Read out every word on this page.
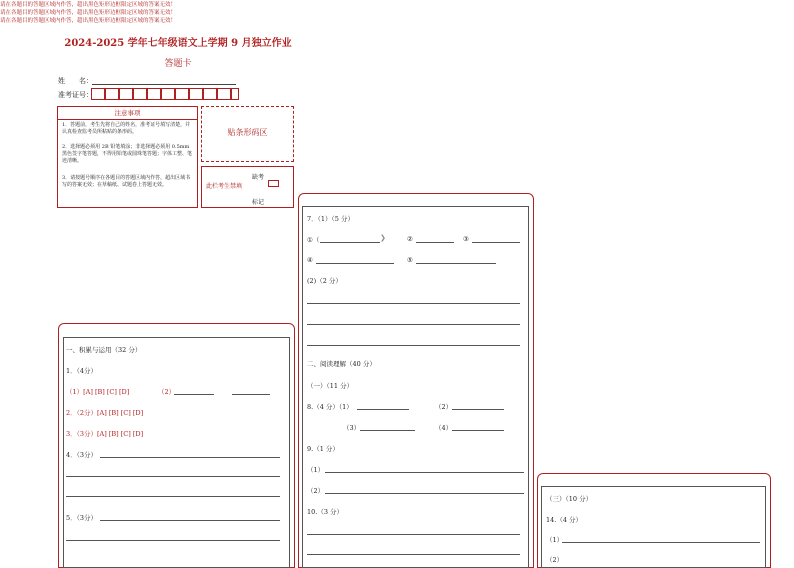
2024-2025 学年七年级语文上学期 9 月独立作业
答题卡
姓　　名：
准考证号：
注意事项
1．答题前，考生先将自己的姓名，准考证号填写清楚，并认真检查监考员所粘贴的条形码。
2．选择题必须用 2B 铅笔填涂；非选择题必须用 0.5mm 黑色签字笔答题，不得用铅笔或圆珠笔答题；字体工整、笔迹清晰。
3．请按题号顺序在各题目的答题区域内作答，超出区域书写的答案无效；在草稿纸、试题卷上答题无效。
贴条形码区
此栏考生禁填
缺考
标记
一、积累与运用（32 分）
1．（4分）
（1）[A] [B] [C] [D]	（2）
2．（2分）[A] [B] [C] [D]
3．（3分）[A] [B] [C] [D]
4．（3分）
5．（3分）
请在各题目的答题区域内作答，超出黑色矩形边框限定区域的答案无效！
7．（1）（5 分）
①（	❯	②	③
④	⑤
(2)（2 分）
二、阅读理解（40 分）
（一）（11 分）
8.（4 分）（1）	（2）
（3）	（4）
9.（1 分）
（1）
（2）
10.（3 分）
请在各题目的答题区域内作答，超出黑色矩形边框限定区域的答案无效！
请在各题目的答题区域内作答，超出黑色矩形边框限定区域的答案无效！
（三）（10 分）
14.（4 分）
（1）
（2）
